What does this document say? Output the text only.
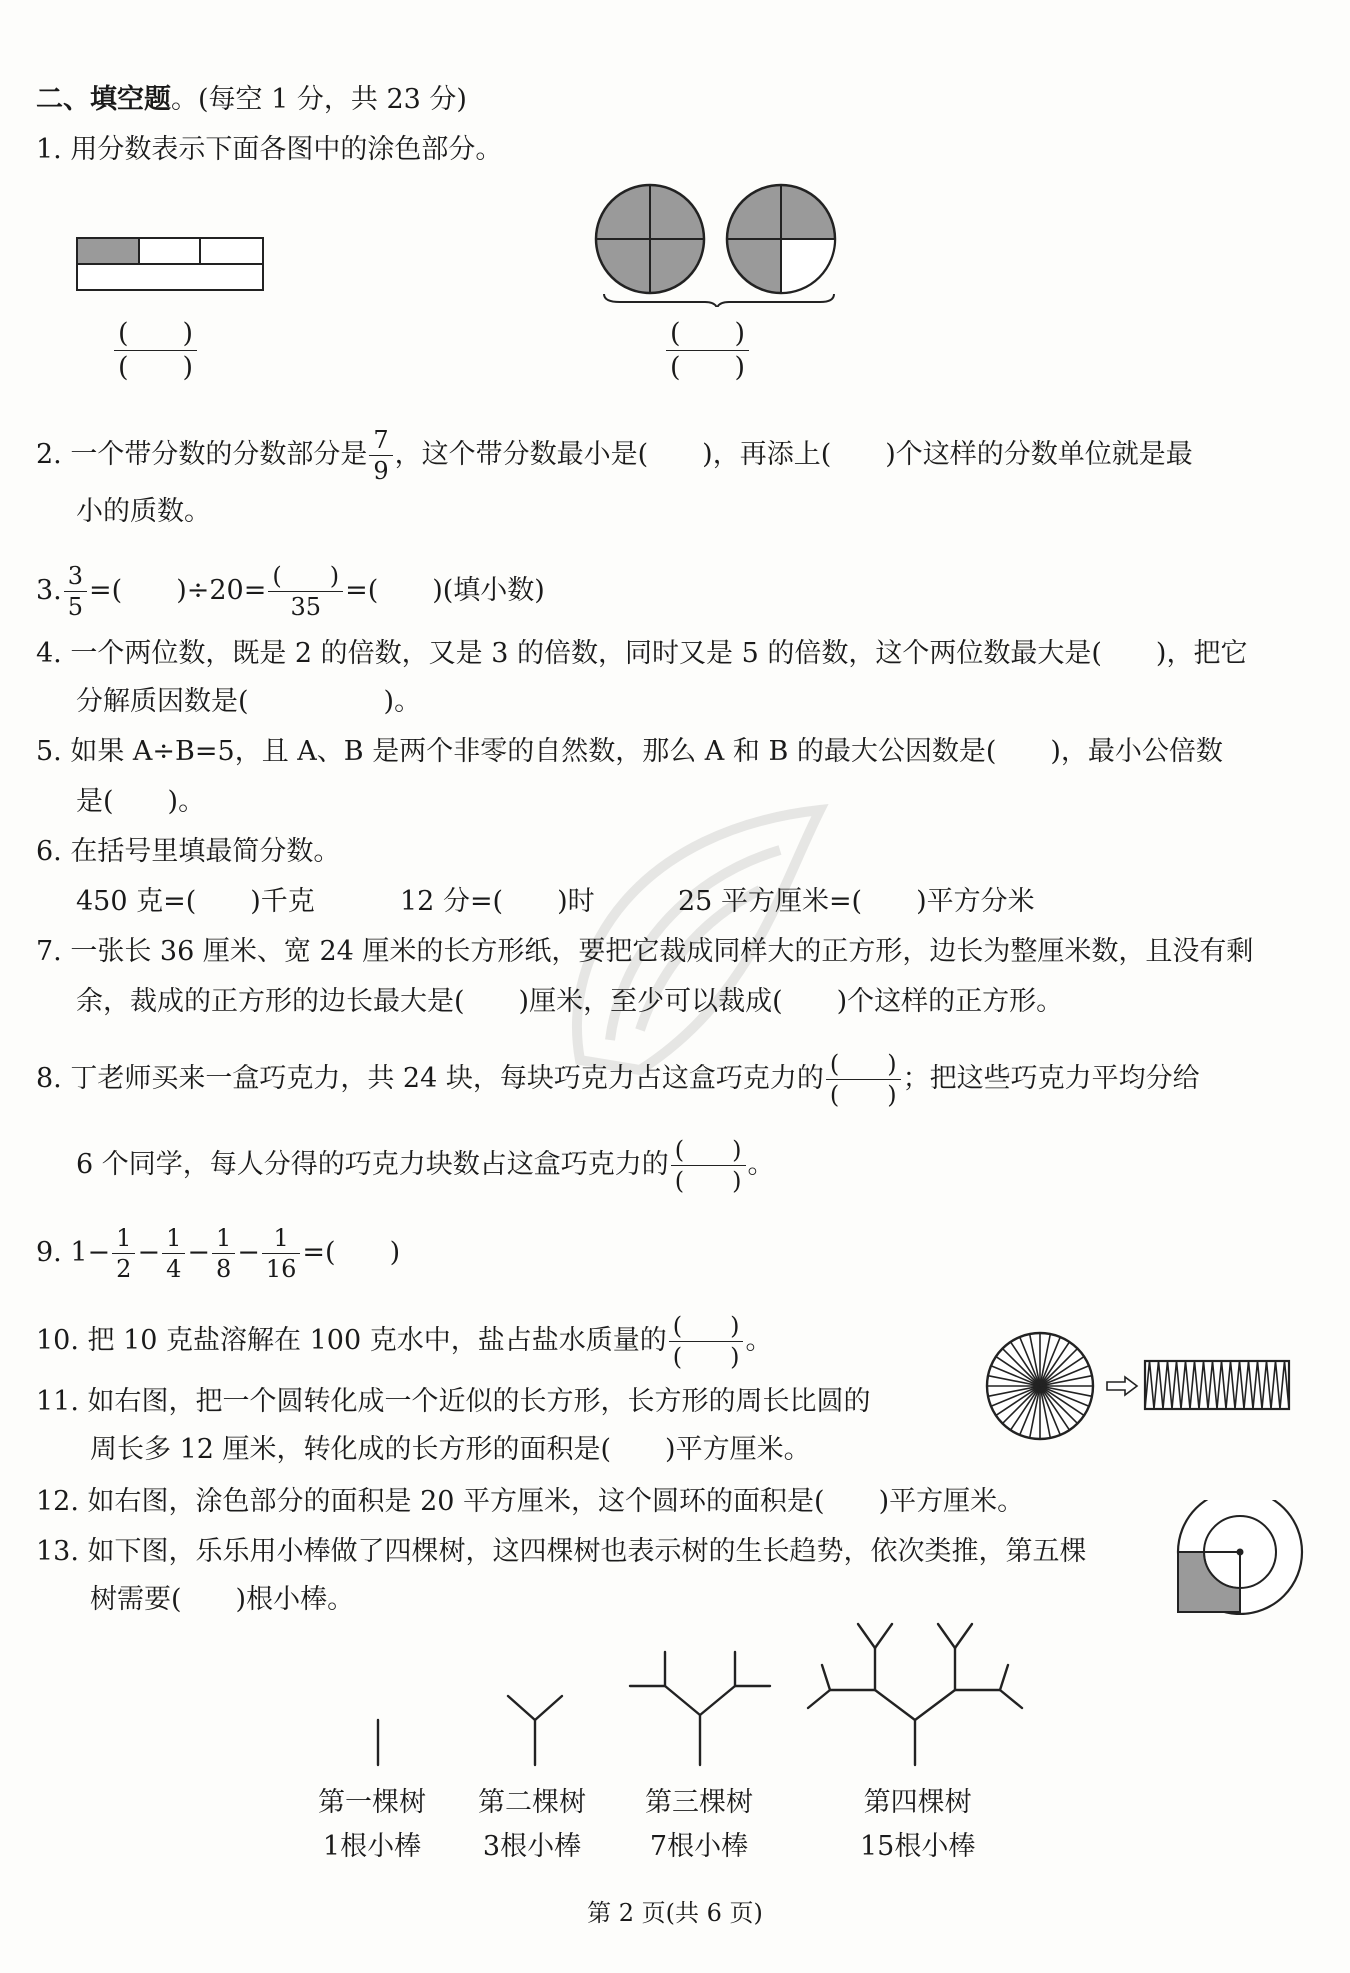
二、填空题。(每空 1 分，共 23 分)
1. 用分数表示下面各图中的涂色部分。
$\frac{( )}{( )}$	$\frac{( )}{( )}$
2. 一个带分数的分数部分是 $\frac{7}{9}$ ，这个带分数最小是(　　)，再添上(　　)个这样的分数单位就是最
小的质数。
3. $\frac{3}{5}$ =(　　)$\div 20= \frac{( )}{35}$ =(　　)(填小数)
4. 一个两位数，既是 2 的倍数，又是 3 的倍数，同时又是 5 的倍数，这个两位数最大是(　　)，把它
分解质因数是(　　　　　)。
5. 如果 A÷B=5，且 A、B 是两个非零的自然数，那么 A 和 B 的最大公因数是(　　)，最小公倍数
是(　　)。
6. 在括号里填最简分数。
450 克=(　　)千克	12 分=(　　)时	25 平方厘米=(　　)平方分米
7. 一张长 36 厘米、宽 24 厘米的长方形纸，要把它裁成同样大的正方形，边长为整厘米数，且没有剩
余，裁成的正方形的边长最大是(　　)厘米，至少可以裁成(　　)个这样的正方形。
8. 丁老师买来一盒巧克力，共 24 块，每块巧克力占这盒巧克力的 $\frac{( )}{( )}$ ；把这些巧克力平均分给
6 个同学，每人分得的巧克力块数占这盒巧克力的 $\frac{( )}{( )}$ 。
9. $1- \frac{1}{2} - \frac{1}{4} - \frac{1}{8} - \frac{1}{16}$ =(　　)
10. 把 10 克盐溶解在 100 克水中，盐占盐水质量的 $\frac{( )}{( )}$ 。
11. 如右图，把一个圆转化成一个近似的长方形，长方形的周长比圆的
周长多 12 厘米，转化成的长方形的面积是(　　)平方厘米。
12. 如右图，涂色部分的面积是 20 平方厘米，这个圆环的面积是(　　)平方厘米。
13. 如下图，乐乐用小棒做了四棵树，这四棵树也表示树的生长趋势，依次类推，第五棵
树需要(　　)根小棒。
第一棵树
1根小棒
第二棵树
3根小棒
第三棵树
7根小棒
第四棵树
15根小棒
第 2 页(共 6 页)
